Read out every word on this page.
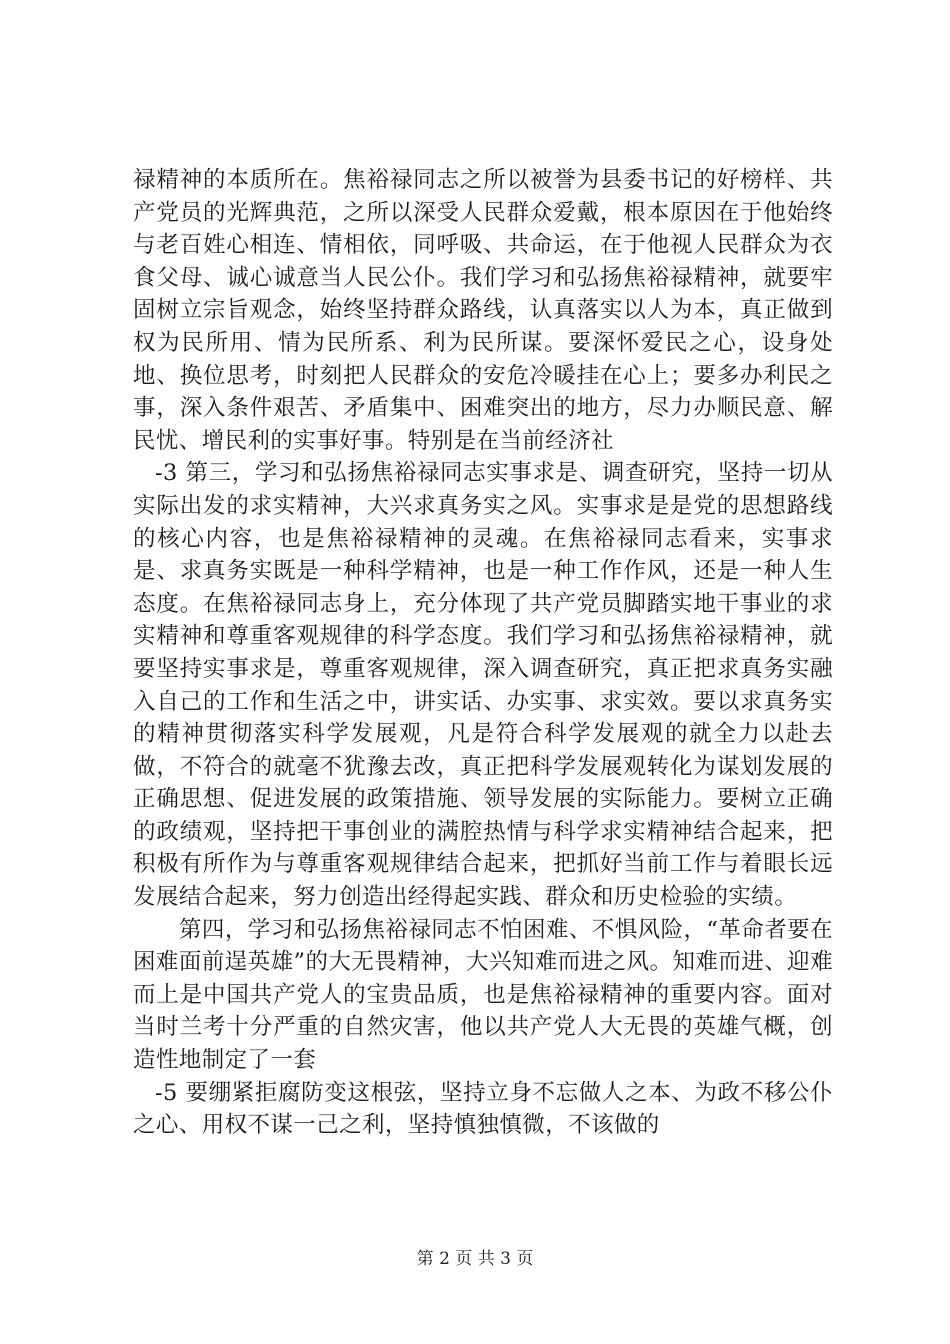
禄精神的本质所在。焦裕禄同志之所以被誉为县委书记的好榜样、共产党员的光辉典范，之所以深受人民群众爱戴，根本原因在于他始终与老百姓心相连、情相依，同呼吸、共命运，在于他视人民群众为衣食父母、诚心诚意当人民公仆。我们学习和弘扬焦裕禄精神，就要牢固树立宗旨观念，始终坚持群众路线，认真落实以人为本，真正做到权为民所用、情为民所系、利为民所谋。要深怀爱民之心，设身处地、换位思考，时刻把人民群众的安危冷暖挂在心上；要多办利民之事，深入条件艰苦、矛盾集中、困难突出的地方，尽力办顺民意、解民忧、增民利的实事好事。特别是在当前经济社

-3 第三，学习和弘扬焦裕禄同志实事求是、调查研究，坚持一切从实际出发的求实精神，大兴求真务实之风。实事求是是党的思想路线的核心内容，也是焦裕禄精神的灵魂。在焦裕禄同志看来，实事求是、求真务实既是一种科学精神，也是一种工作作风，还是一种人生态度。在焦裕禄同志身上，充分体现了共产党员脚踏实地干事业的求实精神和尊重客观规律的科学态度。我们学习和弘扬焦裕禄精神，就要坚持实事求是，尊重客观规律，深入调查研究，真正把求真务实融入自己的工作和生活之中，讲实话、办实事、求实效。要以求真务实的精神贯彻落实科学发展观，凡是符合科学发展观的就全力以赴去做，不符合的就毫不犹豫去改，真正把科学发展观转化为谋划发展的正确思想、促进发展的政策措施、领导发展的实际能力。要树立正确的政绩观，坚持把干事创业的满腔热情与科学求实精神结合起来，把积极有所作为与尊重客观规律结合起来，把抓好当前工作与着眼长远发展结合起来，努力创造出经得起实践、群众和历史检验的实绩。

第四，学习和弘扬焦裕禄同志不怕困难、不惧风险，“革命者要在困难面前逞英雄”的大无畏精神，大兴知难而进之风。知难而进、迎难而上是中国共产党人的宝贵品质，也是焦裕禄精神的重要内容。面对当时兰考十分严重的自然灾害，他以共产党人大无畏的英雄气概，创造性地制定了一套

-5 要绷紧拒腐防变这根弦，坚持立身不忘做人之本、为政不移公仆之心、用权不谋一己之利，坚持慎独慎微，不该做的

第 2 页 共 3 页
